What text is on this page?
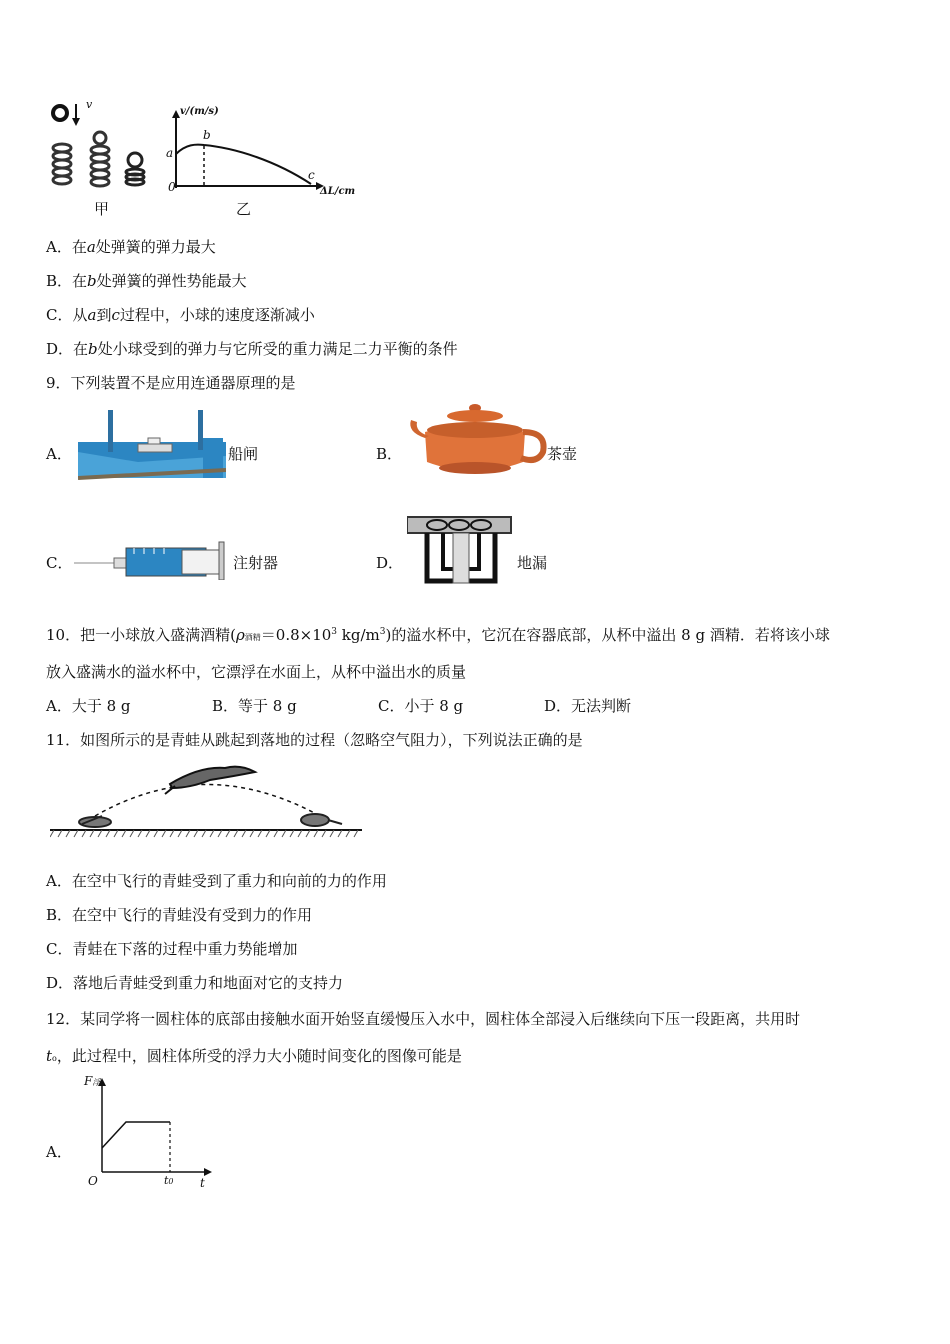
v
v/(m/s)
a
b
c
0	ΔL/cm
甲	乙
A．在a处弹簧的弹力最大
B．在b处弹簧的弹性势能最大
C．从a到c过程中，小球的速度逐渐减小
D．在b处小球受到的弹力与它所受的重力满足二力平衡的条件
9．下列装置不是应用连通器原理的是
A．	船闸	B．	茶壶
C．	注射器	D．	地漏
10．把一小球放入盛满酒精(ρ酒精$=0.8\times 10^3$ $kg/m^3$)的溢水杯中，它沉在容器底部，从杯中溢出 8 g 酒精．若将该小球
放入盛满水的溢水杯中，它漂浮在水面上，从杯中溢出水的质量
A．大于 8 g	B．等于 8 g	C．小于 8 g	D．无法判断
11．如图所示的是青蛙从跳起到落地的过程（忽略空气阻力），下列说法正确的是
A．在空中飞行的青蛙受到了重力和向前的力的作用
B．在空中飞行的青蛙没有受到力的作用
C．青蛙在下落的过程中重力势能增加
D．落地后青蛙受到重力和地面对它的支持力
12．某同学将一圆柱体的底部由接触水面开始竖直缓慢压入水中，圆柱体全部浸入后继续向下压一段距离，共用时
to，此过程中，圆柱体所受的浮力大小随时间变化的图像可能是
A．
F浮
O	t0 t
